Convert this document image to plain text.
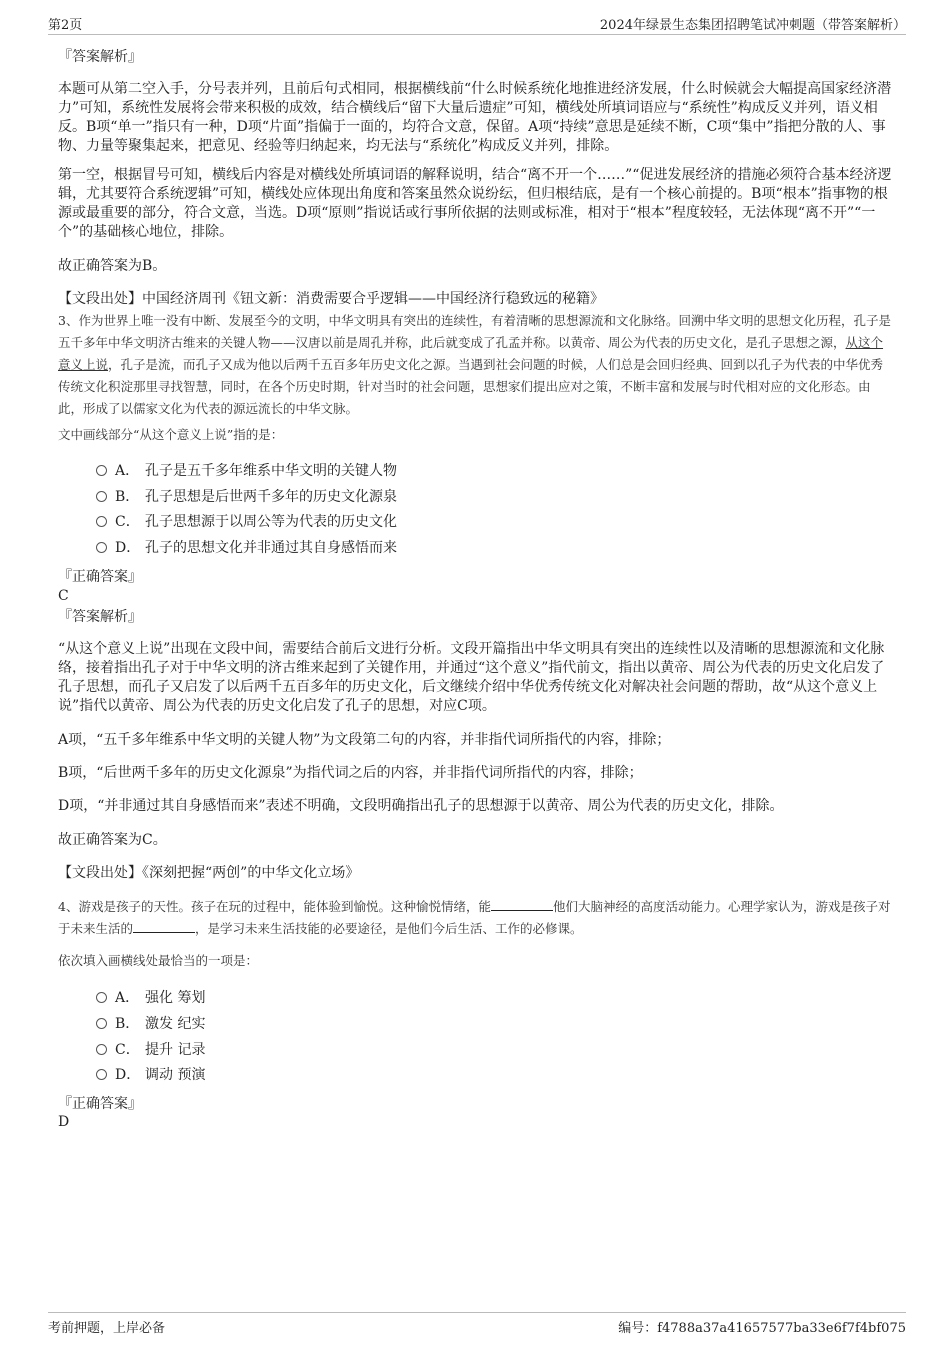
第2页	2024年绿景生态集团招聘笔试冲刺题（带答案解析）
『答案解析』
本题可从第二空入手，分号表并列，且前后句式相同，根据横线前“什么时候系统化地推进经济发展，什么时候就会大幅提高国家经济潜力”可知，系统性发展将会带来积极的成效，结合横线后“留下大量后遗症”可知，横线处所填词语应与“系统性”构成反义并列，语义相反。B项“单一”指只有一种，D项“片面”指偏于一面的，均符合文意，保留。A项“持续”意思是延续不断，C项“集中”指把分散的人、事物、力量等聚集起来，把意见、经验等归纳起来，均无法与“系统化”构成反义并列，排除。
第一空，根据冒号可知，横线后内容是对横线处所填词语的解释说明，结合“离不开一个……”“促进发展经济的措施必须符合基本经济逻辑，尤其要符合系统逻辑”可知，横线处应体现出角度和答案虽然众说纷纭，但归根结底，是有一个核心前提的。B项“根本”指事物的根源或最重要的部分，符合文意，当选。D项“原则”指说话或行事所依据的法则或标准，相对于“根本”程度较轻，无法体现“离不开”“一个”的基础核心地位，排除。
故正确答案为B。
【文段出处】中国经济周刊《钮文新：消费需要合乎逻辑——中国经济行稳致远的秘籍》
3、作为世界上唯一没有中断、发展至今的文明，中华文明具有突出的连续性，有着清晰的思想源流和文化脉络。回溯中华文明的思想文化历程，孔子是五千多年中华文明济古维来的关键人物——汉唐以前是周孔并称，此后就变成了孔孟并称。以黄帝、周公为代表的历史文化，是孔子思想之源，从这个意义上说，孔子是流，而孔子又成为他以后两千五百多年历史文化之源。当遇到社会问题的时候，人们总是会回归经典、回到以孔子为代表的中华优秀传统文化积淀那里寻找智慧，同时，在各个历史时期，针对当时的社会问题，思想家们提出应对之策，不断丰富和发展与时代相对应的文化形态。由此，形成了以儒家文化为代表的源远流长的中华文脉。
文中画线部分“从这个意义上说”指的是：
A． 孔子是五千多年维系中华文明的关键人物
B． 孔子思想是后世两千多年的历史文化源泉
C． 孔子思想源于以周公等为代表的历史文化
D． 孔子的思想文化并非通过其自身感悟而来
『正确答案』
C
『答案解析』
“从这个意义上说”出现在文段中间，需要结合前后文进行分析。文段开篇指出中华文明具有突出的连续性以及清晰的思想源流和文化脉络，接着指出孔子对于中华文明的济古维来起到了关键作用，并通过“这个意义”指代前文，指出以黄帝、周公为代表的历史文化启发了孔子思想，而孔子又启发了以后两千五百多年的历史文化，后文继续介绍中华优秀传统文化对解决社会问题的帮助，故“从这个意义上说”指代以黄帝、周公为代表的历史文化启发了孔子的思想，对应C项。
A项，“五千多年维系中华文明的关键人物”为文段第二句的内容，并非指代词所指代的内容，排除；
B项，“后世两千多年的历史文化源泉”为指代词之后的内容，并非指代词所指代的内容，排除；
D项，“并非通过其自身感悟而来”表述不明确，文段明确指出孔子的思想源于以黄帝、周公为代表的历史文化，排除。
故正确答案为C。
【文段出处】《深刻把握“两创”的中华文化立场》
4、游戏是孩子的天性。孩子在玩的过程中，能体验到愉悦。这种愉悦情绪，能	他们大脑神经的高度活动能力。心理学家认为，游戏是孩子对于未来生活的	，是学习未来生活技能的必要途径，是他们今后生活、工作的必修课。
依次填入画横线处最恰当的一项是：
A． 强化 筹划
B． 激发 纪实
C． 提升 记录
D． 调动 预演
『正确答案』
D
考前押题，上岸必备	编号：f4788a37a41657577ba33e6f7f4bf075
